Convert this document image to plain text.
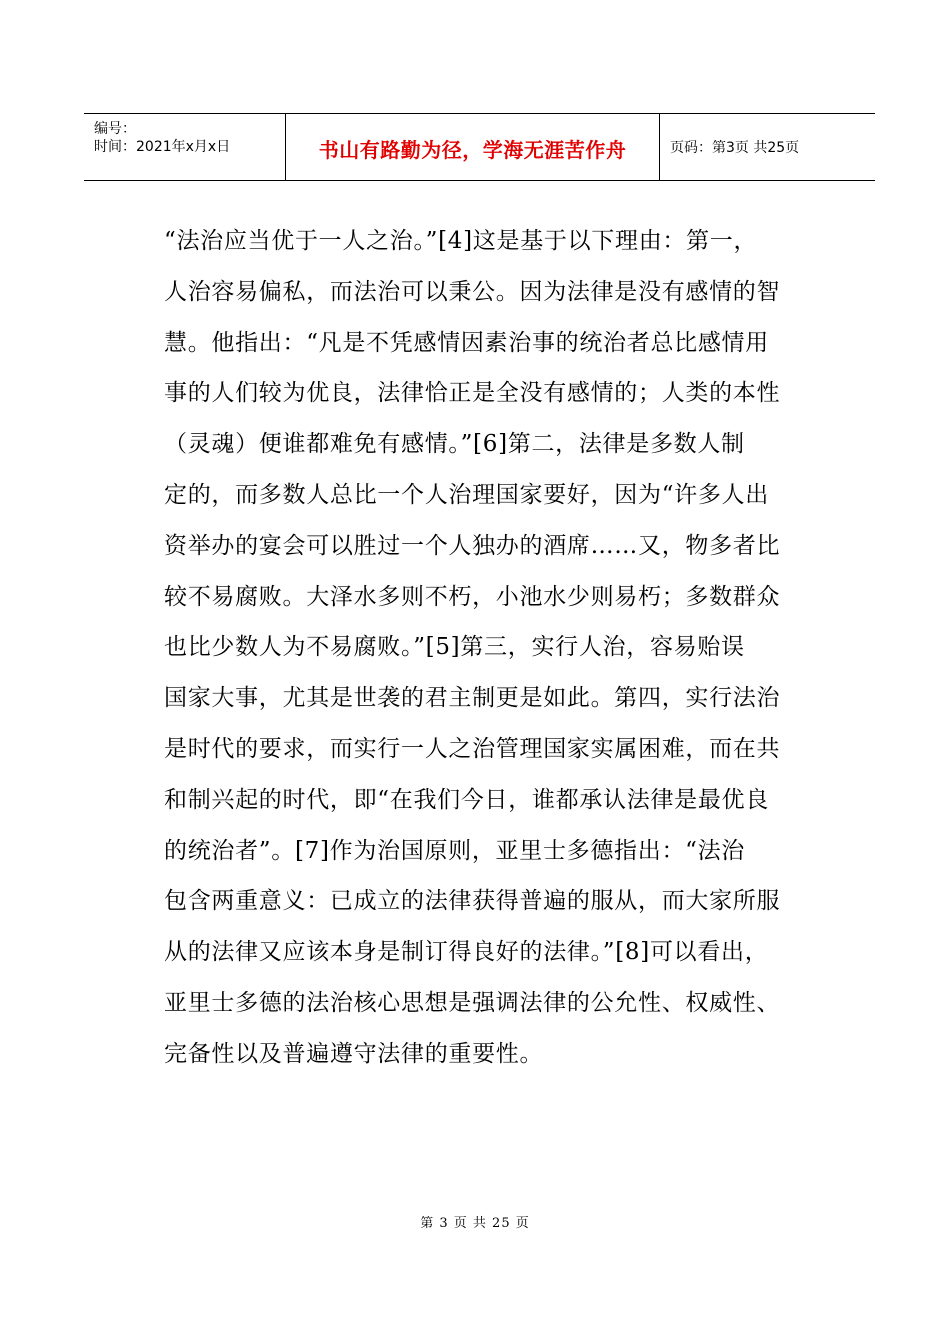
编号：
时间：2021年x月x日	书山有路勤为径，学海无涯苦作舟	页码：第3页 共25页
“法治应当优于一人之治。”[4]这是基于以下理由：第一，
人治容易偏私，而法治可以秉公。因为法律是没有感情的智
慧。他指出：“凡是不凭感情因素治事的统治者总比感情用
事的人们较为优良，法律恰正是全没有感情的；人类的本性
（灵魂）便谁都难免有感情。”[6]第二，法律是多数人制
定的，而多数人总比一个人治理国家要好，因为“许多人出
资举办的宴会可以胜过一个人独办的酒席……又，物多者比
较不易腐败。大泽水多则不朽，小池水少则易朽；多数群众
也比少数人为不易腐败。”[5]第三，实行人治，容易贻误
国家大事，尤其是世袭的君主制更是如此。第四，实行法治
是时代的要求，而实行一人之治管理国家实属困难，而在共
和制兴起的时代，即“在我们今日，谁都承认法律是最优良
的统治者”。[7]作为治国原则，亚里士多德指出：“法治
包含两重意义：已成立的法律获得普遍的服从，而大家所服
从的法律又应该本身是制订得良好的法律。”[8]可以看出，
亚里士多德的法治核心思想是强调法律的公允性、权威性、
完备性以及普遍遵守法律的重要性。
第 3 页 共 25 页
